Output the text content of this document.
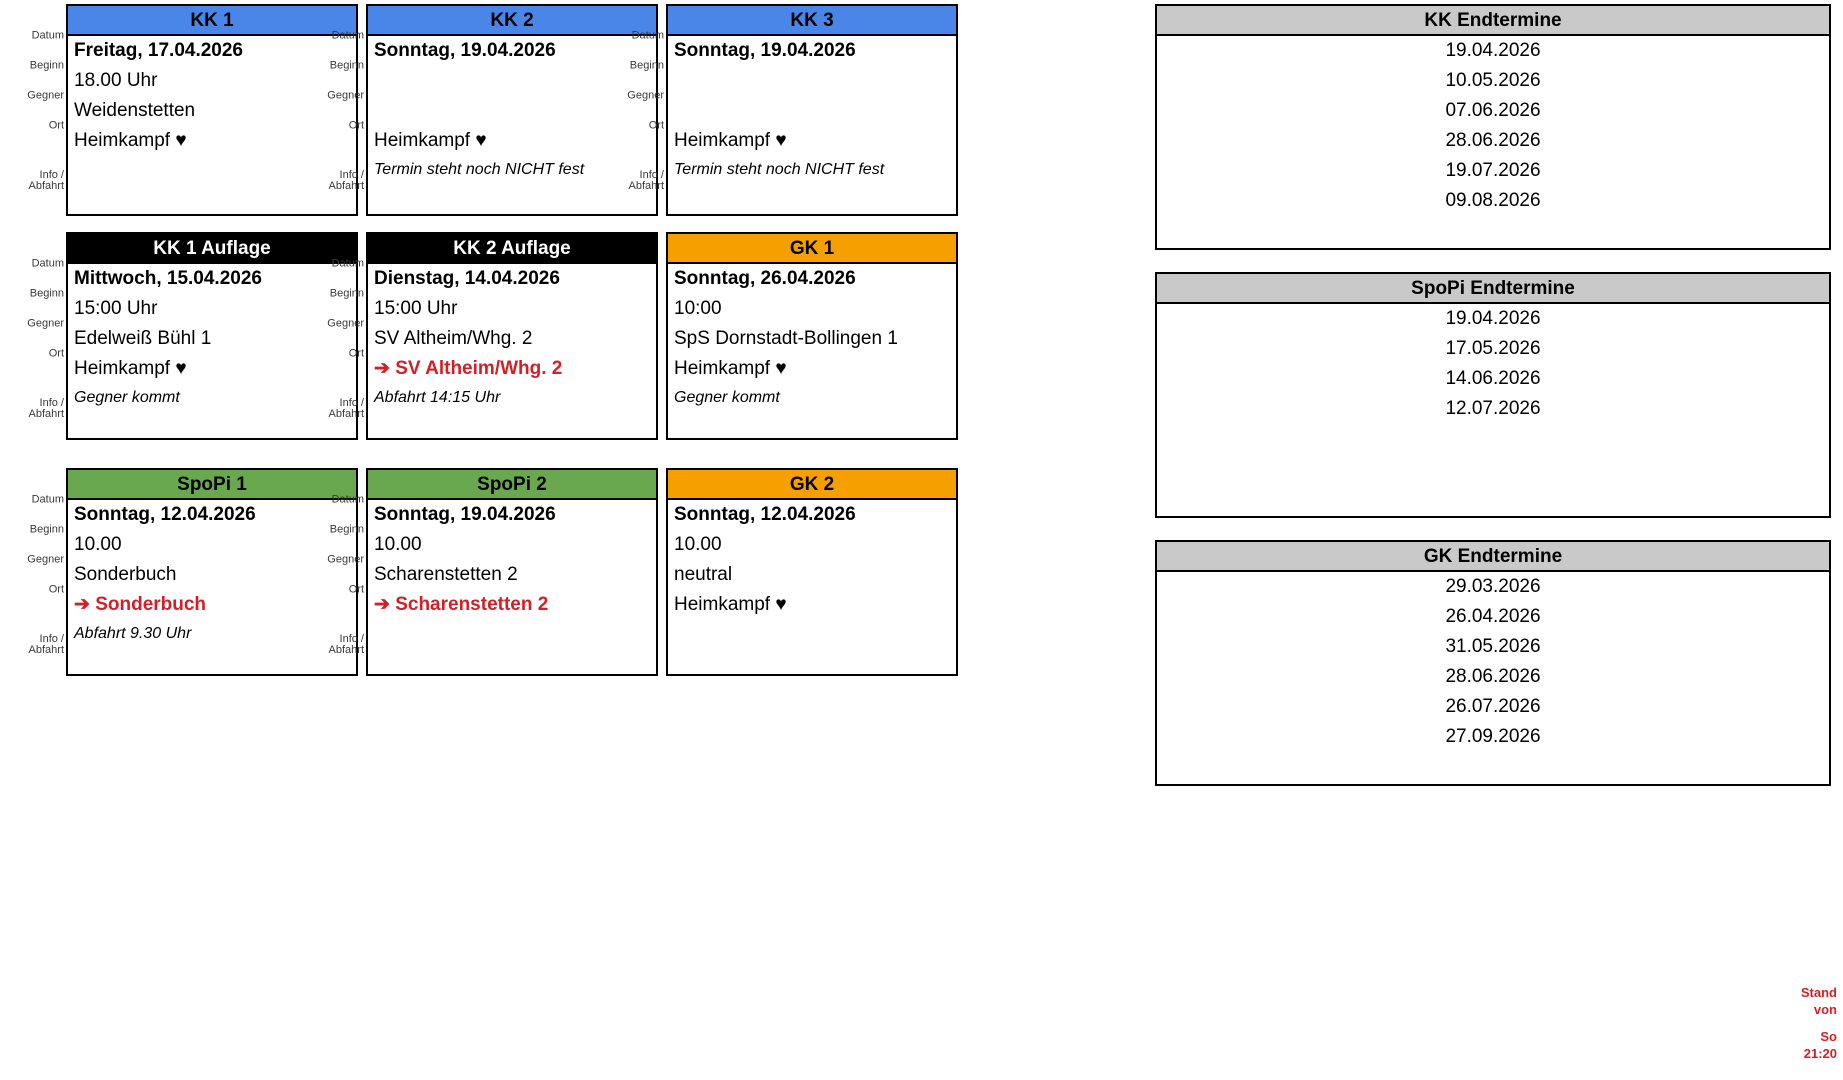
KK 1
Datum
Freitag, 17.04.2026
Beginn
18.00 Uhr
Gegner
Weidenstetten
Ort
Heimkampf ♥
Info /
Abfahrt
KK 2
Datum
Sonntag, 19.04.2026
Beginn
Gegner
Ort
Heimkampf ♥
Info /
Abfahrt
Termin steht noch NICHT fest
KK 3
Datum
Sonntag, 19.04.2026
Beginn
Gegner
Ort
Heimkampf ♥
Info /
Abfahrt
Termin steht noch NICHT fest
KK 1 Auflage
Datum
Mittwoch, 15.04.2026
Beginn
15:00 Uhr
Gegner
Edelweiß Bühl 1
Ort
Heimkampf ♥
Info /
Abfahrt
Gegner kommt
KK 2 Auflage
Datum
Dienstag, 14.04.2026
Beginn
15:00 Uhr
Gegner
SV Altheim/Whg. 2
Ort
➔ SV Altheim/Whg. 2
Info /
Abfahrt
Abfahrt 14:15 Uhr
GK 1
Sonntag, 26.04.2026
10:00
SpS Dornstadt-Bollingen 1
Heimkampf ♥
Gegner kommt
SpoPi 1
Datum
Sonntag, 12.04.2026
Beginn
10.00
Gegner
Sonderbuch
Ort
➔ Sonderbuch
Info /
Abfahrt
Abfahrt 9.30 Uhr
SpoPi 2
Datum
Sonntag, 19.04.2026
Beginn
10.00
Gegner
Scharenstetten 2
Ort
➔ Scharenstetten 2
Info /
Abfahrt
GK 2
Sonntag, 12.04.2026
10.00
neutral
Heimkampf ♥
KK Endtermine
19.04.2026
10.05.2026
07.06.2026
28.06.2026
19.07.2026
09.08.2026
SpoPi Endtermine
19.04.2026
17.05.2026
14.06.2026
12.07.2026

GK Endtermine
29.03.2026
26.04.2026
31.05.2026
28.06.2026
26.07.2026
27.09.2026
Stand
von
So
21:20
